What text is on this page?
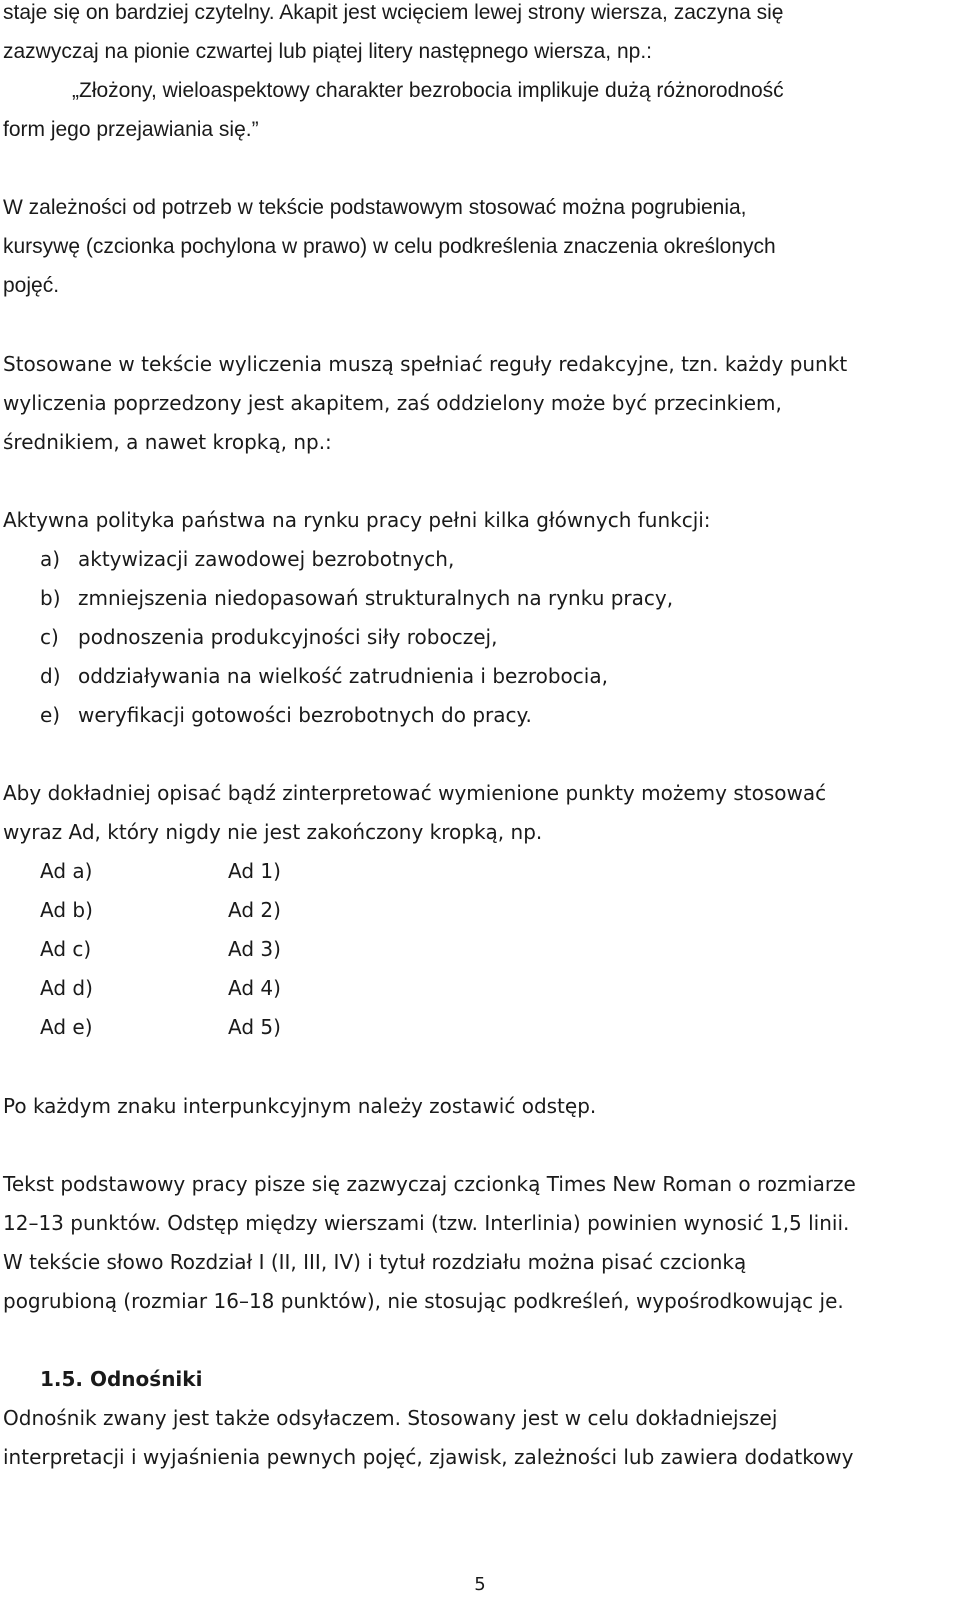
staje się on bardziej czytelny. Akapit jest wcięciem lewej strony wiersza, zaczyna się
zazwyczaj na pionie czwartej lub piątej litery następnego wiersza, np.:
„Złożony, wieloaspektowy charakter bezrobocia implikuje dużą różnorodność
form jego przejawiania się.”
W zależności od potrzeb w tekście podstawowym stosować można pogrubienia,
kursywę (czcionka pochylona w prawo) w celu podkreślenia znaczenia określonych
pojęć.
Stosowane w tekście wyliczenia muszą spełniać reguły redakcyjne, tzn. każdy punkt
wyliczenia poprzedzony jest akapitem, zaś oddzielony może być przecinkiem,
średnikiem, a nawet kropką, np.:
Aktywna polityka państwa na rynku pracy pełni kilka głównych funkcji:
a) aktywizacji zawodowej bezrobotnych,
b) zmniejszenia niedopasowań strukturalnych na rynku pracy,
c) podnoszenia produkcyjności siły roboczej,
d) oddziaływania na wielkość zatrudnienia i bezrobocia,
e) weryfikacji gotowości bezrobotnych do pracy.
Aby dokładniej opisać bądź zinterpretować wymienione punkty możemy stosować
wyraz Ad, który nigdy nie jest zakończony kropką, np.
Ad a)	Ad 1)
Ad b)	Ad 2)
Ad c)	Ad 3)
Ad d)	Ad 4)
Ad e)	Ad 5)
Po każdym znaku interpunkcyjnym należy zostawić odstęp.
Tekst podstawowy pracy pisze się zazwyczaj czcionką Times New Roman o rozmiarze
12–13 punktów. Odstęp między wierszami (tzw. Interlinia) powinien wynosić 1,5 linii.
W tekście słowo Rozdział I (II, III, IV) i tytuł rozdziału można pisać czcionką
pogrubioną (rozmiar 16–18 punktów), nie stosując podkreśleń, wypośrodkowując je.
1.5. Odnośniki
Odnośnik zwany jest także odsyłaczem. Stosowany jest w celu dokładniejszej
interpretacji i wyjaśnienia pewnych pojęć, zjawisk, zależności lub zawiera dodatkowy
5
